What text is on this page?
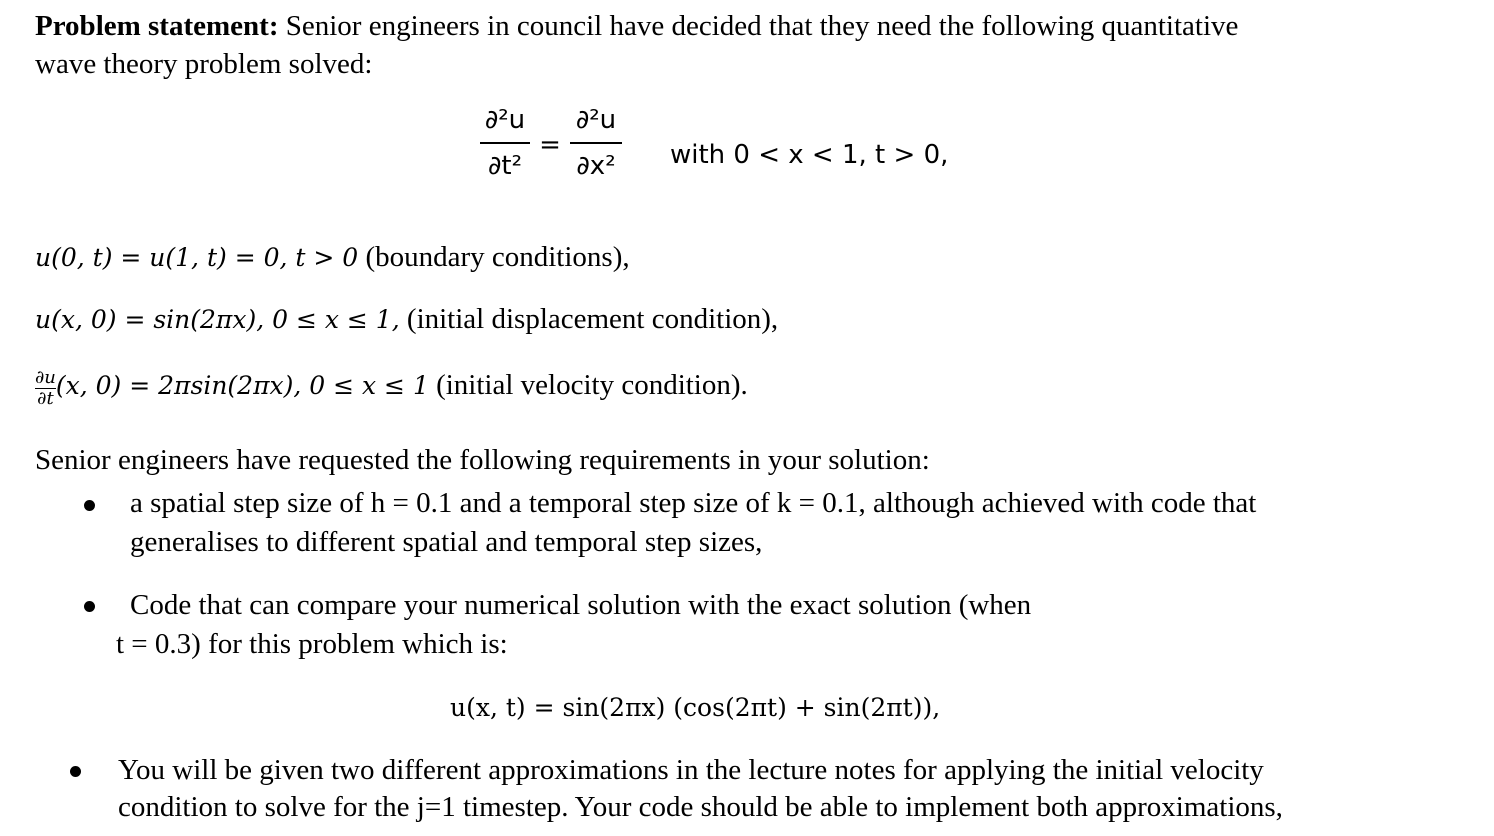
Problem statement: Senior engineers in council have decided that they need the following quantitative
wave theory problem solved:
∂²u
∂t²
=
∂²u
∂x² with 0 < x < 1, t > 0,
u(0, t) = u(1, t) = 0, t > 0 (boundary conditions),
u(x, 0) = sin(2πx), 0 ≤ x ≤ 1, (initial displacement condition),
$\frac{\partial u}{\partial t}(x$, 0) = 2πsin(2πx), 0 ≤ x ≤ 1 (initial velocity condition).
Senior engineers have requested the following requirements in your solution:
a spatial step size of h = 0.1 and a temporal step size of k = 0.1, although achieved with code that
generalises to different spatial and temporal step sizes,
Code that can compare your numerical solution with the exact solution (when
t = 0.3) for this problem which is:
u(x, t) = sin(2πx) (cos(2πt) + sin(2πt)),
You will be given two different approximations in the lecture notes for applying the initial velocity
condition to solve for the j=1 timestep. Your code should be able to implement both approximations,
